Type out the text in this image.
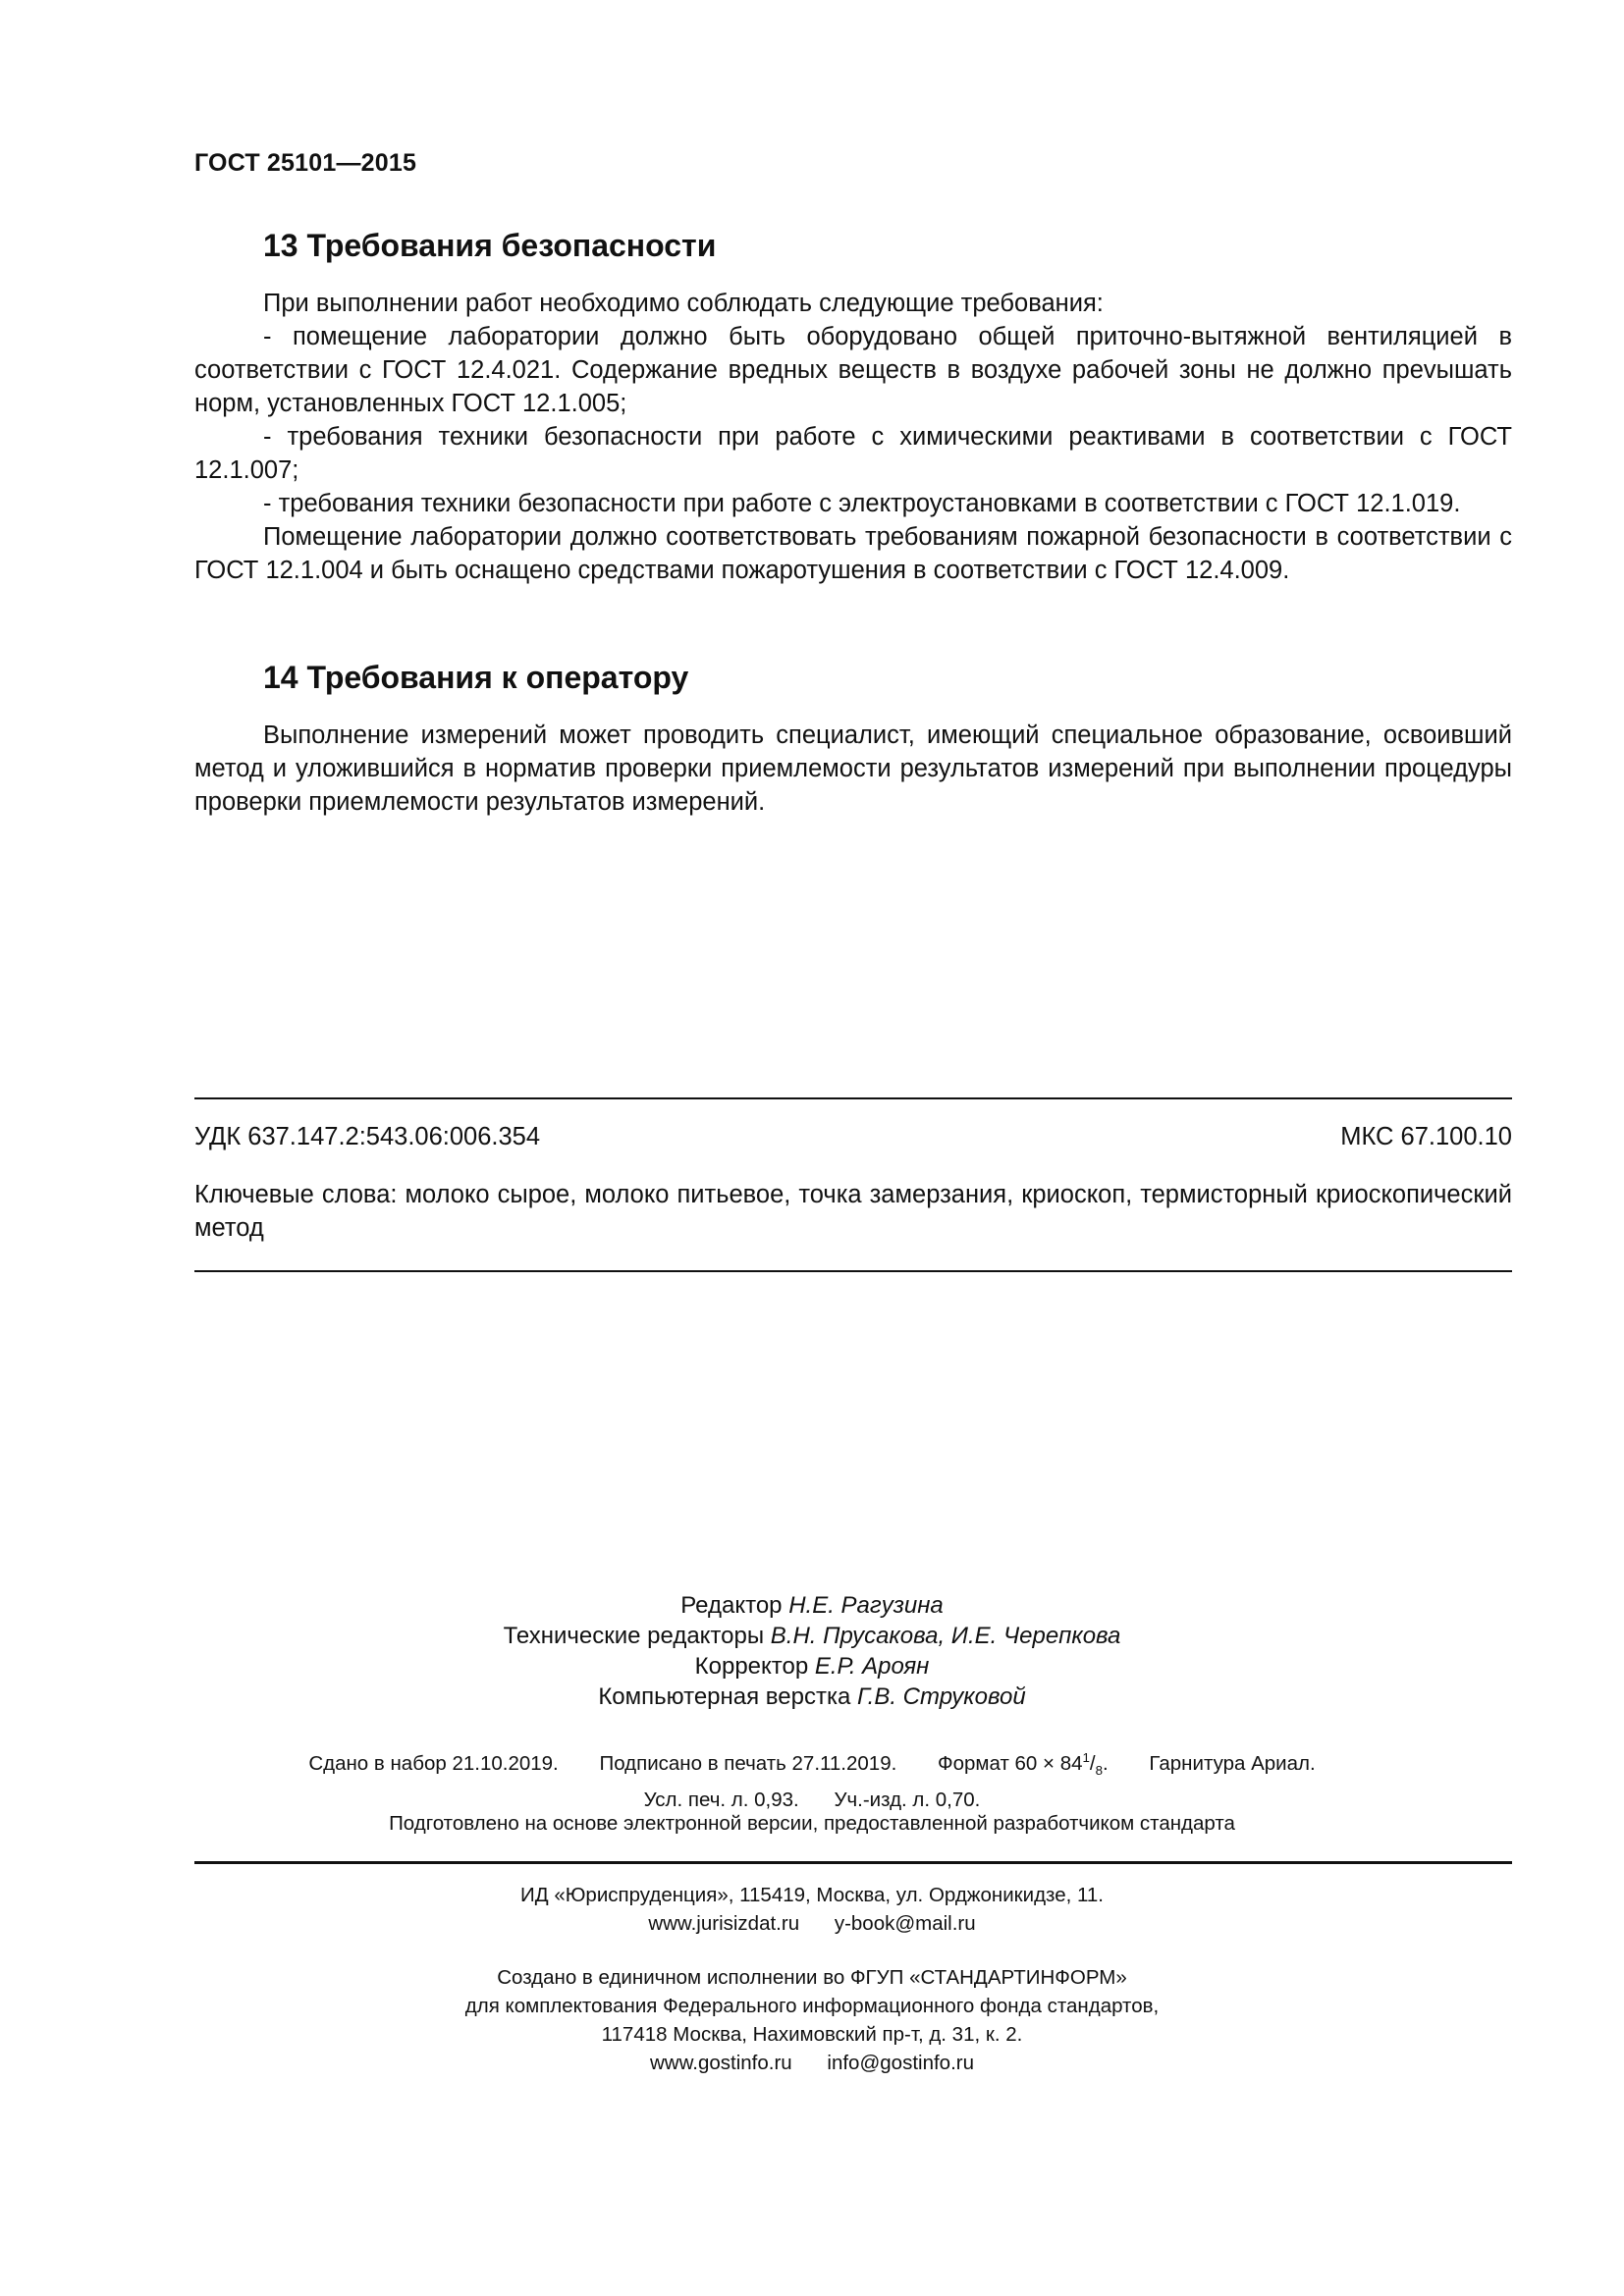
ГОСТ 25101—2015
13 Требования безопасности

При выполнении работ необходимо соблюдать следующие требования:

- помещение лаборатории должно быть оборудовано общей приточно-вытяжной вентиляцией в соответствии с ГОСТ 12.4.021. Содержание вредных веществ в воздухе рабочей зоны не должно преvышать норм, установленных ГОСТ 12.1.005;

- требования техники безопасности при работе с химическими реактивами в соответствии с ГОСТ 12.1.007;

- требования техники безопасности при работе с электроустановками в соответствии с ГОСТ 12.1.019.

Помещение лаборатории должно соответствовать требованиям пожарной безопасности в соответствии с ГОСТ 12.1.004 и быть оснащено средствами пожаротушения в соответствии с ГОСТ 12.4.009.

14 Требования к оператору

Выполнение измерений может проводить специалист, имеющий специальное образование, освоивший метод и уложившийся в норматив проверки приемлемости результатов измерений при выполнении процедуры проверки приемлемости результатов измерений.

УДК 637.147.2:543.06:006.354	МКС 67.100.10
Ключевые слова: молоко сырое, молоко питьевое, точка замерзания, криоскоп, термисторный криоскопический метод
Редактор Н.Е. Рагузина
Технические редакторы В.Н. Прусакова, И.Е. Черепкова
Корректор Е.Р. Ароян
Компьютерная верстка Г.В. Струковой
Сдано в набор 21.10.2019. Подписано в печать 27.11.2019. Формат $60 \times 84^1/_8$. Гарнитура Ариал.
Усл. печ. л. 0,93. Уч.-изд. л. 0,70.
Подготовлено на основе электронной версии, предоставленной разработчиком стандарта
ИД «Юриспруденция», 115419, Москва, ул. Орджоникидзе, 11.
www.jurisizdat.ru y-book@mail.ru
Создано в единичном исполнении во ФГУП «СТАНДАРТИНФОРМ»
для комплектования Федерального информационного фонда стандартов,
117418 Москва, Нахимовский пр-т, д. 31, к. 2.
www.gostinfo.ru info@gostinfo.ru
